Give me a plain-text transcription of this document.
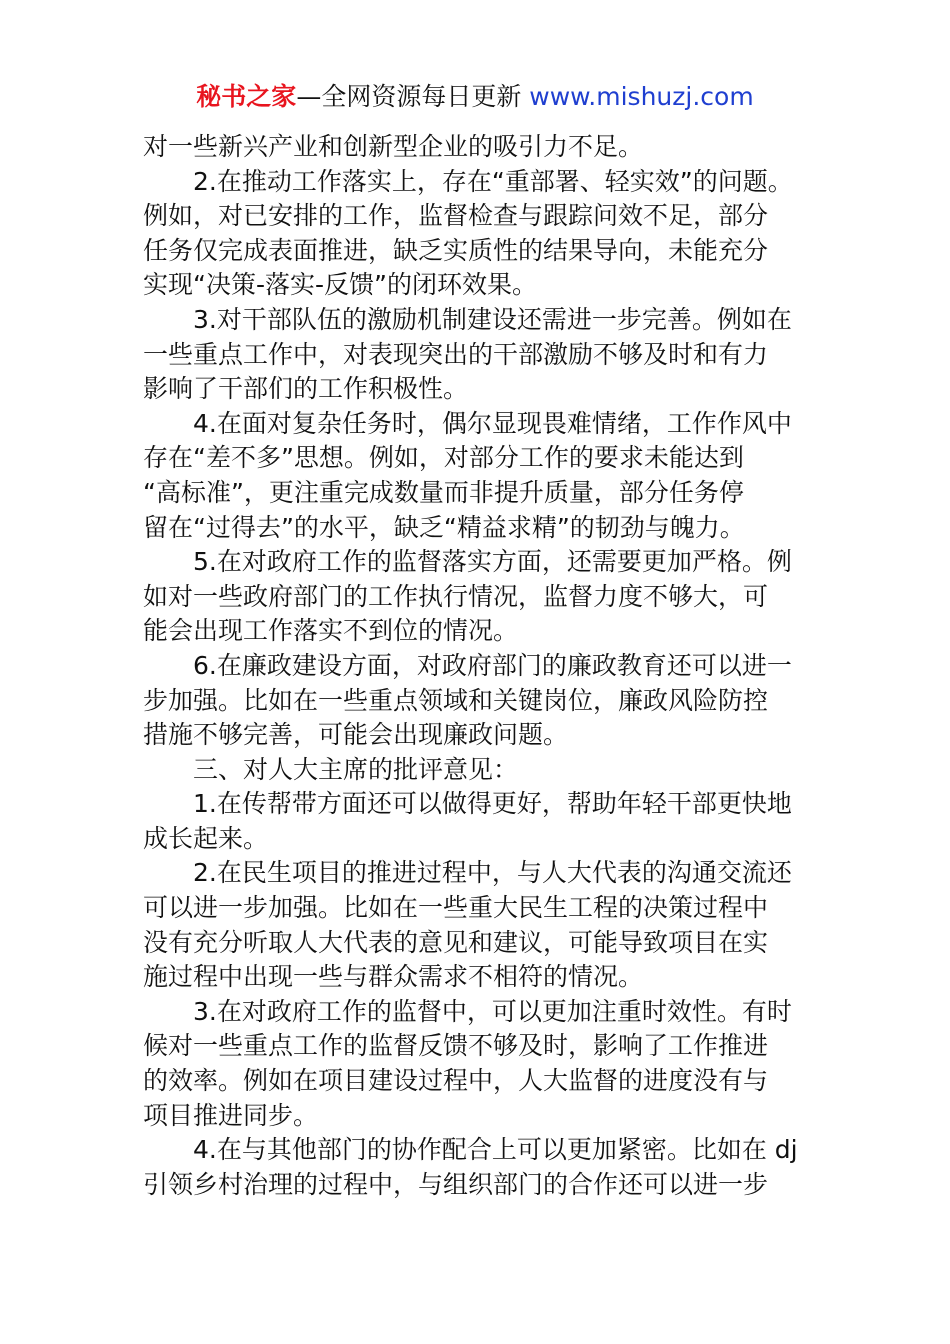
秘书之家—全网资源每日更新 www.mishuzj.com

对一些新兴产业和创新型企业的吸引力不足。

2.在推动工作落实上，存在“重部署、轻实效”的问题。

例如，对已安排的工作，监督检查与跟踪问效不足，部分

任务仅完成表面推进，缺乏实质性的结果导向，未能充分

实现“决策-落实-反馈”的闭环效果。

3.对干部队伍的激励机制建设还需进一步完善。例如在

一些重点工作中，对表现突出的干部激励不够及时和有力

影响了干部们的工作积极性。

4.在面对复杂任务时，偶尔显现畏难情绪，工作作风中

存在“差不多”思想。例如，对部分工作的要求未能达到

“高标准”，更注重完成数量而非提升质量，部分任务停

留在“过得去”的水平，缺乏“精益求精”的韧劲与魄力。

5.在对政府工作的监督落实方面，还需要更加严格。例

如对一些政府部门的工作执行情况，监督力度不够大，可

能会出现工作落实不到位的情况。

6.在廉政建设方面，对政府部门的廉政教育还可以进一

步加强。比如在一些重点领域和关键岗位，廉政风险防控

措施不够完善，可能会出现廉政问题。

三、对人大主席的批评意见：

1.在传帮带方面还可以做得更好，帮助年轻干部更快地

成长起来。

2.在民生项目的推进过程中，与人大代表的沟通交流还

可以进一步加强。比如在一些重大民生工程的决策过程中

没有充分听取人大代表的意见和建议，可能导致项目在实

施过程中出现一些与群众需求不相符的情况。

3.在对政府工作的监督中，可以更加注重时效性。有时

候对一些重点工作的监督反馈不够及时，影响了工作推进

的效率。例如在项目建设过程中，人大监督的进度没有与

项目推进同步。

4.在与其他部门的协作配合上可以更加紧密。比如在 dj

引领乡村治理的过程中，与组织部门的合作还可以进一步
